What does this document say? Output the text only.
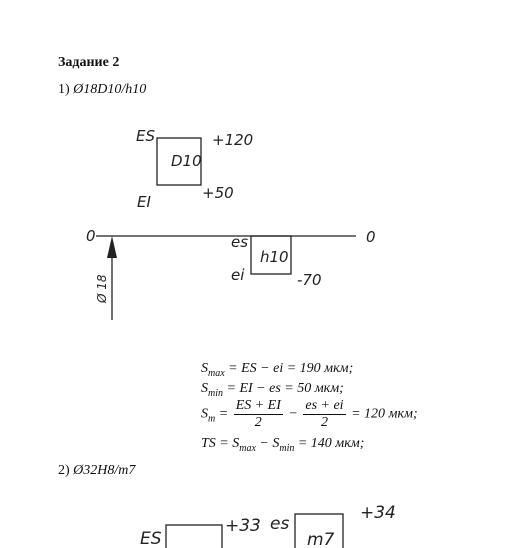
Задание 2
1) Ø18D10/h10
D10
ES
EI
+120
+50
0	0
h10
es
ei	-70
Ø 18
$S_{max}$ = ES − ei = 190 мкм;
$S_{min}$ = EI − es = 50 мкм;
$S_m = \frac{ES + EI}{2} - \frac{es + ei}{2} = 120$ мкм;
TS = $S_{max} - S_{min} = 140$ мкм;
2) Ø32H8/m7
ES
+33 es
m7
+34
